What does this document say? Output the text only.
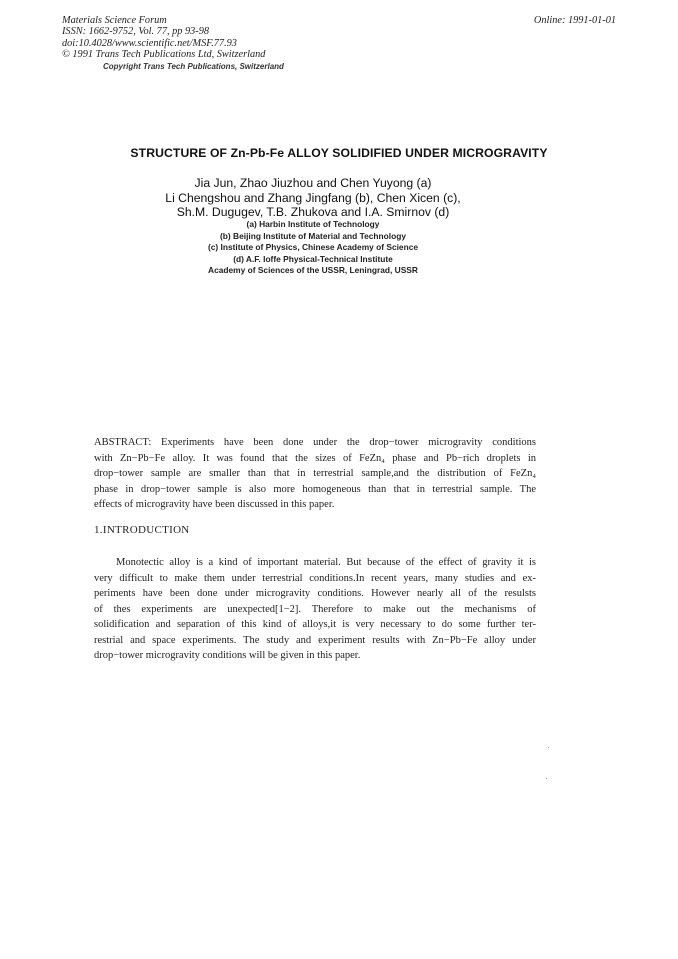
Materials Science Forum
ISSN: 1662-9752, Vol. 77, pp 93-98
doi:10.4028/www.scientific.net/MSF.77.93
© 1991 Trans Tech Publications Ltd, Switzerland
Online: 1991-01-01
Copyright Trans Tech Publications, Switzerland
STRUCTURE OF Zn-Pb-Fe ALLOY SOLIDIFIED UNDER MICROGRAVITY
Jia Jun, Zhao Jiuzhou and Chen Yuyong (a)
Li Chengshou and Zhang Jingfang (b), Chen Xicen (c),
Sh.M. Dugugev, T.B. Zhukova and I.A. Smirnov (d)
(a) Harbin Institute of Technology
(b) Beijing Institute of Material and Technology
(c) Institute of Physics, Chinese Academy of Science
(d) A.F. Ioffe Physical-Technical Institute
Academy of Sciences of the USSR, Leningrad, USSR
ABSTRACT: Experiments have been done under the drop−tower microgravity conditions
with Zn−Pb−Fe alloy. It was found that the sizes of FeZn₄ phase and Pb−rich droplets in
drop−tower sample are smaller than that in terrestrial sample,and the distribution of FeZn₄
phase in drop−tower sample is also more homogeneous than that in terrestrial sample. The
effects of microgravity have been discussed in this paper.
1.INTRODUCTION
Monotectic alloy is a kind of important material. But because of the effect of gravity it is
very difficult to make them under terrestrial conditions.In recent years, many studies and ex-
periments have been done under microgravity conditions. However nearly all of the resulsts
of thes experiments are unexpected[1−2]. Therefore to make out the mechanisms of
solidification and separation of this kind of alloys,it is very necessary to do some further ter-
restrial and space experiments. The study and experiment results with Zn−Pb−Fe alloy under
drop−tower microgravity conditions will be given in this paper.
